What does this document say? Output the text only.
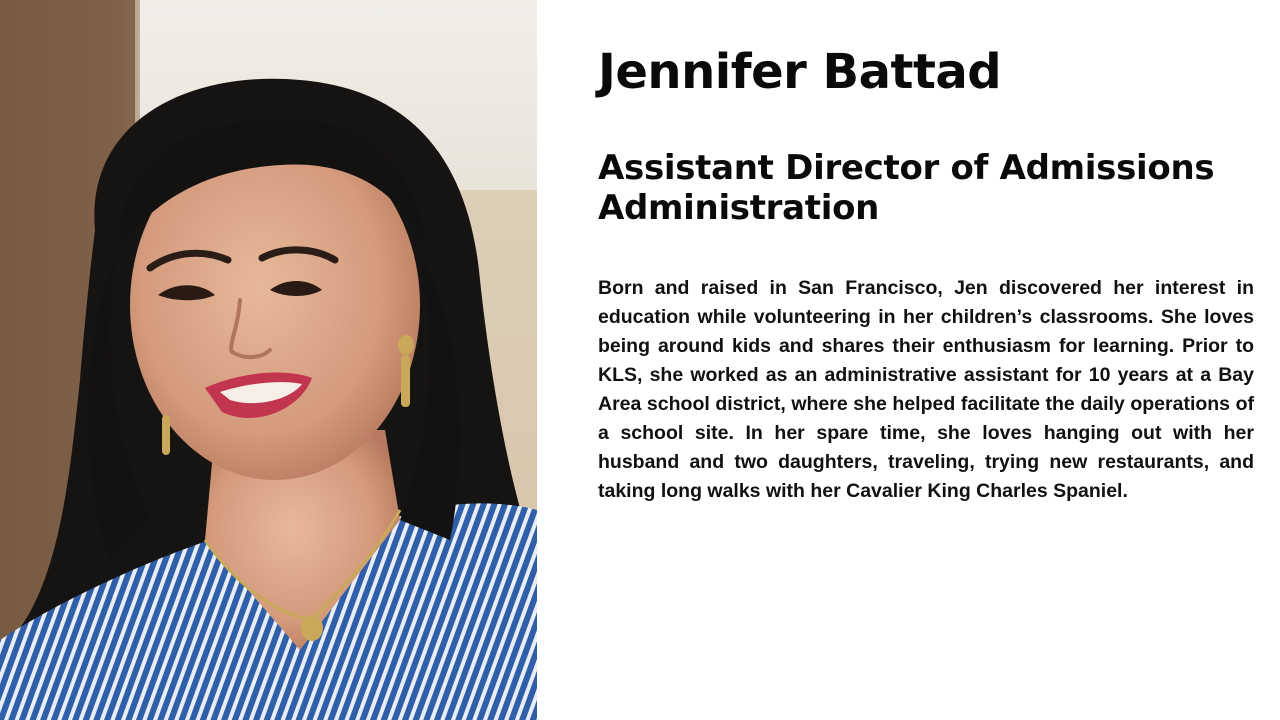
Jennifer Battad
Assistant Director of Admissions
Administration

Born and raised in San Francisco, Jen discovered her interest in education while volunteering in her children’s classrooms. She loves being around kids and shares their enthusiasm for learning. Prior to KLS, she worked as an administrative assistant for 10 years at a Bay Area school district, where she helped facilitate the daily operations of a school site. In her spare time, she loves hanging out with her husband and two daughters, traveling, trying new restaurants, and taking long walks with her Cavalier King Charles Spaniel.
